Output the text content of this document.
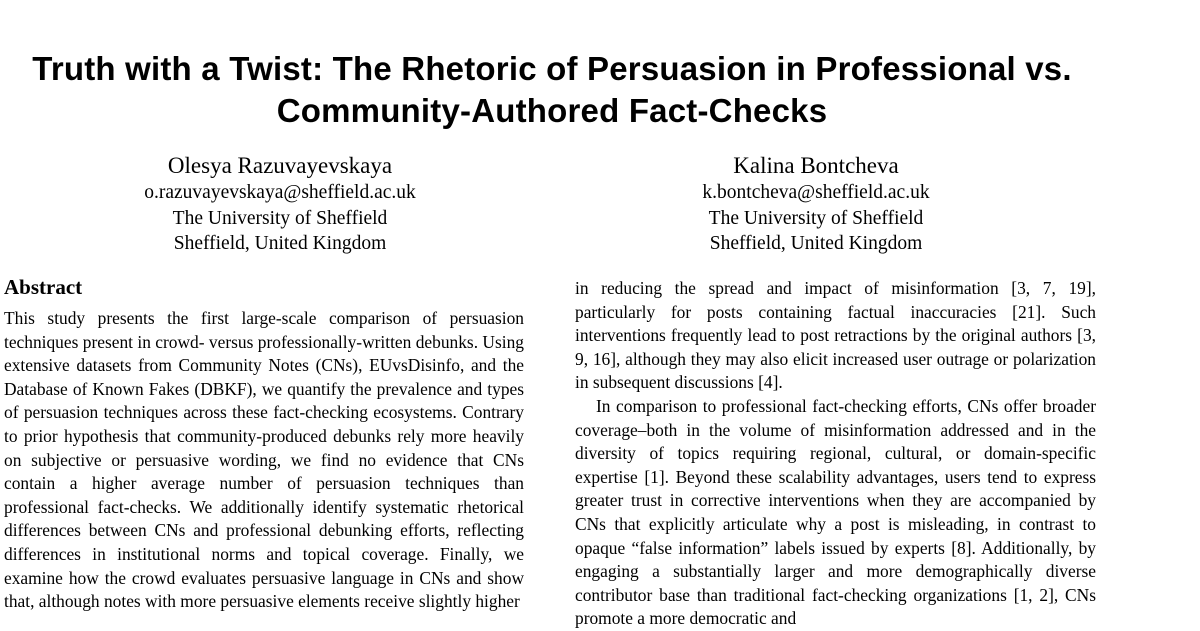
Truth with a Twist: The Rhetoric of Persuasion in Professional vs. Community-Authored Fact-Checks
Olesya Razuvayevskaya
o.razuvayevskaya@sheffield.ac.uk
The University of Sheffield
Sheffield, United Kingdom
Kalina Bontcheva
k.bontcheva@sheffield.ac.uk
The University of Sheffield
Sheffield, United Kingdom
Abstract

This study presents the first large-scale comparison of persuasion techniques present in crowd- versus professionally-written debunks. Using extensive datasets from Community Notes (CNs), EUvsDisinfo, and the Database of Known Fakes (DBKF), we quantify the prevalence and types of persuasion techniques across these fact-checking ecosystems. Contrary to prior hypothesis that community-produced debunks rely more heavily on subjective or persuasive wording, we find no evidence that CNs contain a higher average number of persuasion techniques than professional fact-checks. We additionally identify systematic rhetorical differences between CNs and professional debunking efforts, reflecting differences in institutional norms and topical coverage. Finally, we examine how the crowd evaluates persuasive language in CNs and show that, although notes with more persuasive elements receive slightly higher

in reducing the spread and impact of misinformation [3, 7, 19], particularly for posts containing factual inaccuracies [21]. Such interventions frequently lead to post retractions by the original authors [3, 9, 16], although they may also elicit increased user outrage or polarization in subsequent discussions [4].

In comparison to professional fact-checking efforts, CNs offer broader coverage–both in the volume of misinformation addressed and in the diversity of topics requiring regional, cultural, or domain-specific expertise [1]. Beyond these scalability advantages, users tend to express greater trust in corrective interventions when they are accompanied by CNs that explicitly articulate why a post is misleading, in contrast to opaque “false information” labels issued by experts [8]. Additionally, by engaging a substantially larger and more demographically diverse contributor base than traditional fact-checking organizations [1, 2], CNs promote a more democratic and
